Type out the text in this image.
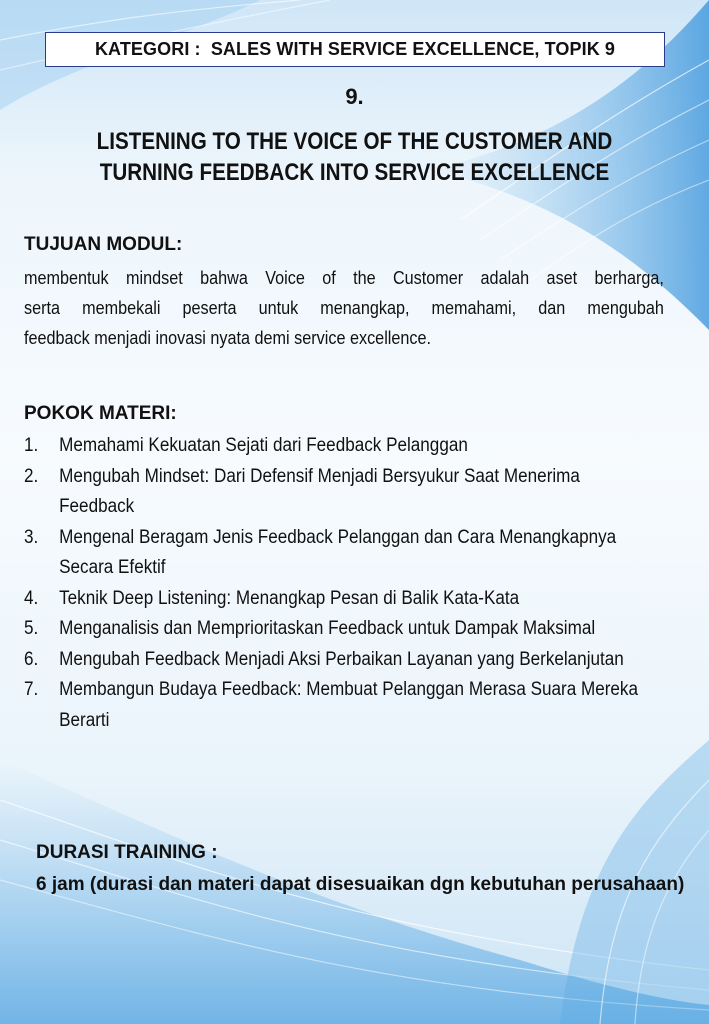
KATEGORI :  SALES WITH SERVICE EXCELLENCE, TOPIK 9
9.
LISTENING TO THE VOICE OF THE CUSTOMER AND
TURNING FEEDBACK INTO SERVICE EXCELLENCE
TUJUAN MODUL:
membentuk mindset bahwa Voice of the Customer adalah aset berharga,
serta membekali peserta untuk menangkap, memahami, dan mengubah
feedback menjadi inovasi nyata demi service excellence.
POKOK MATERI:
1. Memahami Kekuatan Sejati dari Feedback Pelanggan
2. Mengubah Mindset: Dari Defensif Menjadi Bersyukur Saat Menerima Feedback
3. Mengenal Beragam Jenis Feedback Pelanggan dan Cara Menangkapnya Secara Efektif
4. Teknik Deep Listening: Menangkap Pesan di Balik Kata-Kata
5. Menganalisis dan Memprioritaskan Feedback untuk Dampak Maksimal
6. Mengubah Feedback Menjadi Aksi Perbaikan Layanan yang Berkelanjutan
7. Membangun Budaya Feedback: Membuat Pelanggan Merasa Suara Mereka Berarti
DURASI TRAINING :
6 jam (durasi dan materi dapat disesuaikan dgn kebutuhan perusahaan)
